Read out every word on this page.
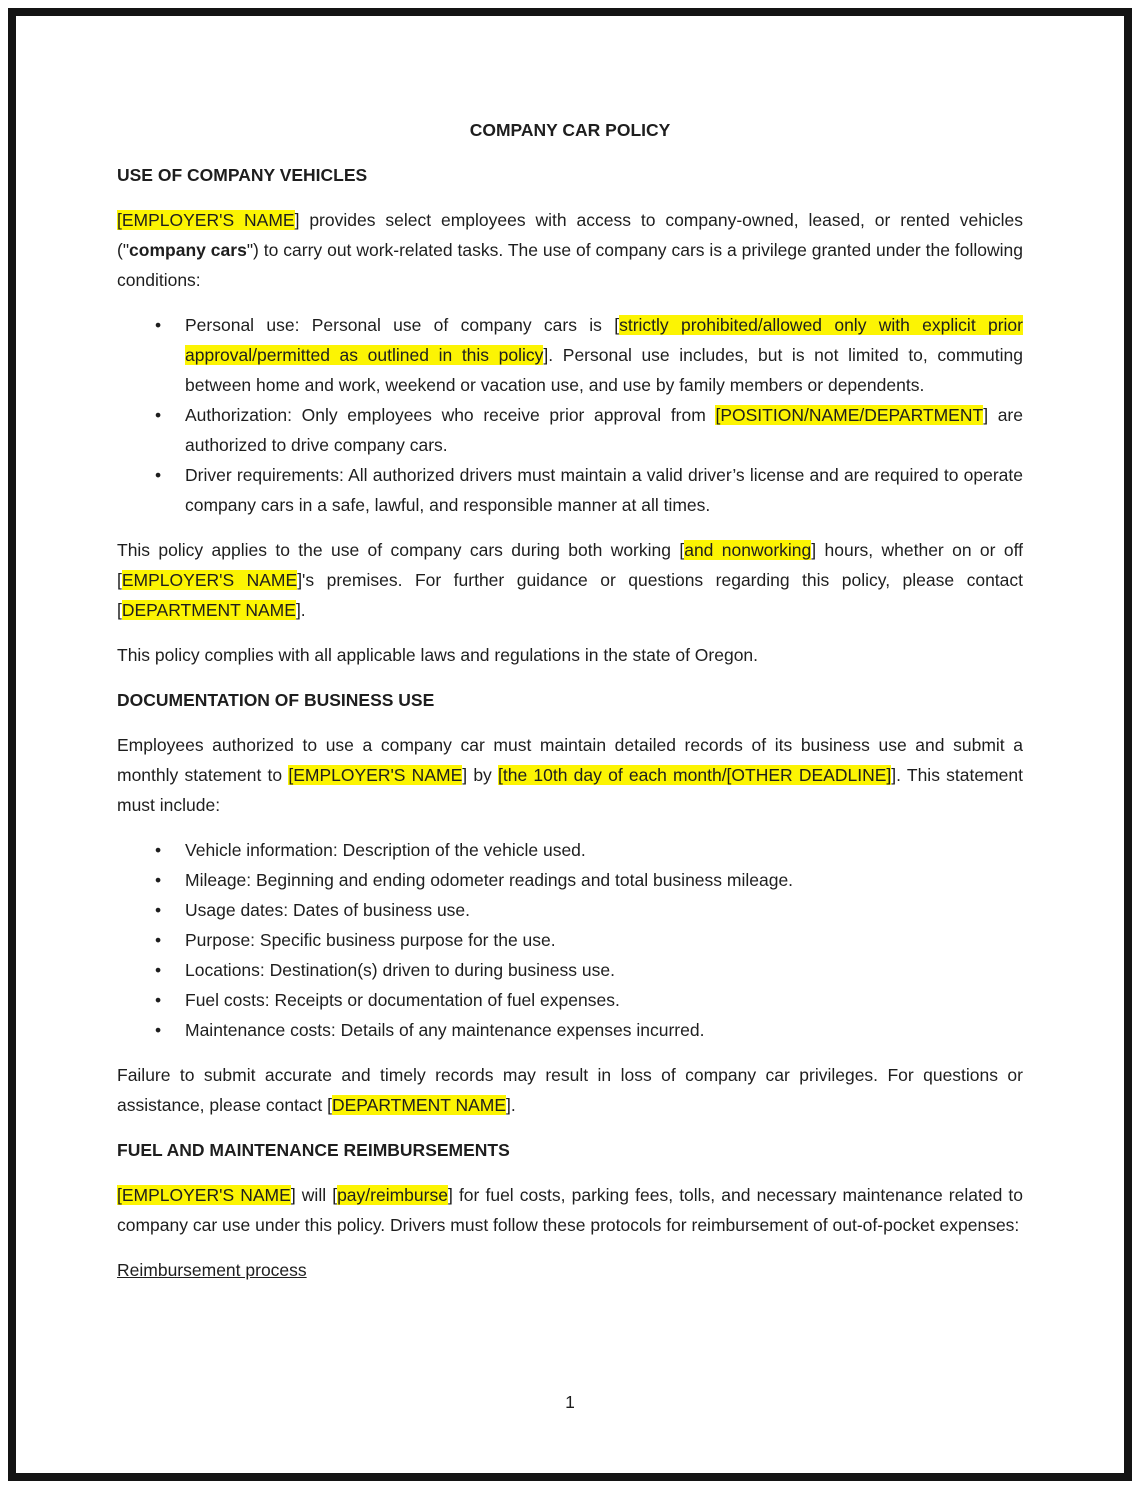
COMPANY CAR POLICY
USE OF COMPANY VEHICLES
[EMPLOYER'S NAME] provides select employees with access to company-owned, leased, or rented vehicles ("company cars") to carry out work-related tasks. The use of company cars is a privilege granted under the following conditions:
• Personal use: Personal use of company cars is [strictly prohibited/allowed only with explicit prior approval/permitted as outlined in this policy]. Personal use includes, but is not limited to, commuting between home and work, weekend or vacation use, and use by family members or dependents.
• Authorization: Only employees who receive prior approval from [POSITION/NAME/DEPARTMENT] are authorized to drive company cars.
• Driver requirements: All authorized drivers must maintain a valid driver’s license and are required to operate company cars in a safe, lawful, and responsible manner at all times.
This policy applies to the use of company cars during both working [and nonworking] hours, whether on or off [EMPLOYER'S NAME]'s premises. For further guidance or questions regarding this policy, please contact [DEPARTMENT NAME].
This policy complies with all applicable laws and regulations in the state of Oregon.
DOCUMENTATION OF BUSINESS USE
Employees authorized to use a company car must maintain detailed records of its business use and submit a monthly statement to [EMPLOYER'S NAME] by [the 10th day of each month/[OTHER DEADLINE]]. This statement must include:
• Vehicle information: Description of the vehicle used.
• Mileage: Beginning and ending odometer readings and total business mileage.
• Usage dates: Dates of business use.
• Purpose: Specific business purpose for the use.
• Locations: Destination(s) driven to during business use.
• Fuel costs: Receipts or documentation of fuel expenses.
• Maintenance costs: Details of any maintenance expenses incurred.
Failure to submit accurate and timely records may result in loss of company car privileges. For questions or assistance, please contact [DEPARTMENT NAME].
FUEL AND MAINTENANCE REIMBURSEMENTS
[EMPLOYER'S NAME] will [pay/reimburse] for fuel costs, parking fees, tolls, and necessary maintenance related to company car use under this policy. Drivers must follow these protocols for reimbursement of out-of-pocket expenses:
Reimbursement process
1
